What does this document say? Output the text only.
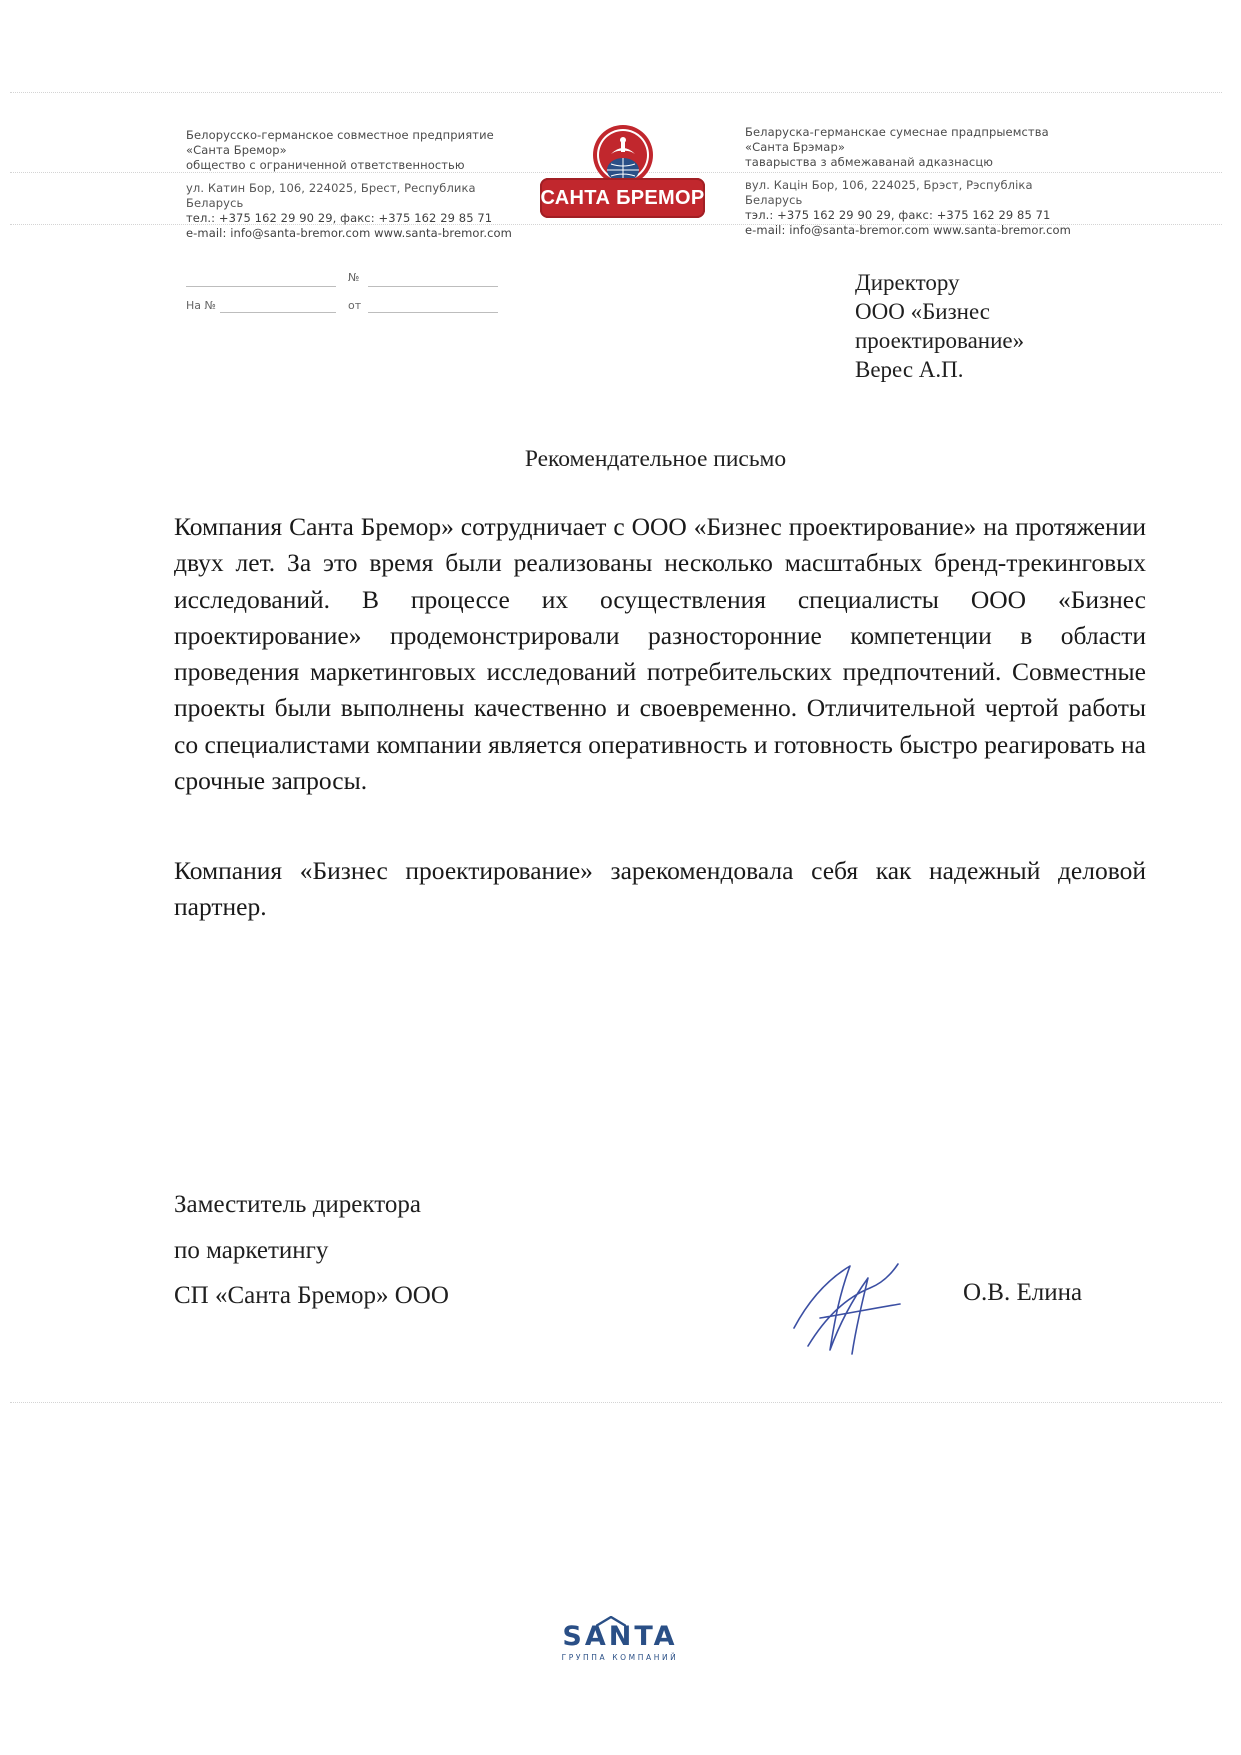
Белорусско-германское совместное предприятие
«Санта Бремор»
общество с ограниченной ответственностью
ул. Катин Бор, 106, 224025, Брест, Республика Беларусь
тел.: +375 162 29 90 29, факс: +375 162 29 85 71
e-mail: info@santa-bremor.com www.santa-bremor.com
САНТА БРЕМОР
Беларуска-германскае сумеснае прадпрыемства
«Санта Брэмар»
таварыства з абмежаванай адказнасцю
вул. Кацін Бор, 106, 224025, Брэст, Рэспубліка Беларусь
тэл.: +375 162 29 90 29, факс: +375 162 29 85 71
e-mail: info@santa-bremor.com www.santa-bremor.com
№
На №	от
Директору
ООО «Бизнес
проектирование»
Верес А.П.
Рекомендательное письмо
Компания Санта Бремор» сотрудничает с ООО «Бизнес проектирование» на протяжении двух лет. За это время были реализованы несколько масштабных бренд-трекинговых исследований. В процессе их осуществления специалисты ООО «Бизнес проектирование» продемонстрировали разносторонние компетенции в области проведения маркетинговых исследований потребительских предпочтений. Совместные проекты были выполнены качественно и своевременно. Отличительной чертой работы со специалистами компании является оперативность и готовность быстро реагировать на срочные запросы.
Компания «Бизнес проектирование» зарекомендовала себя как надежный деловой партнер.
Заместитель директора
по маркетингу
СП «Санта Бремор» ООО	О.В. Елина
SANTA
ГРУППА КОМПАНИЙ
